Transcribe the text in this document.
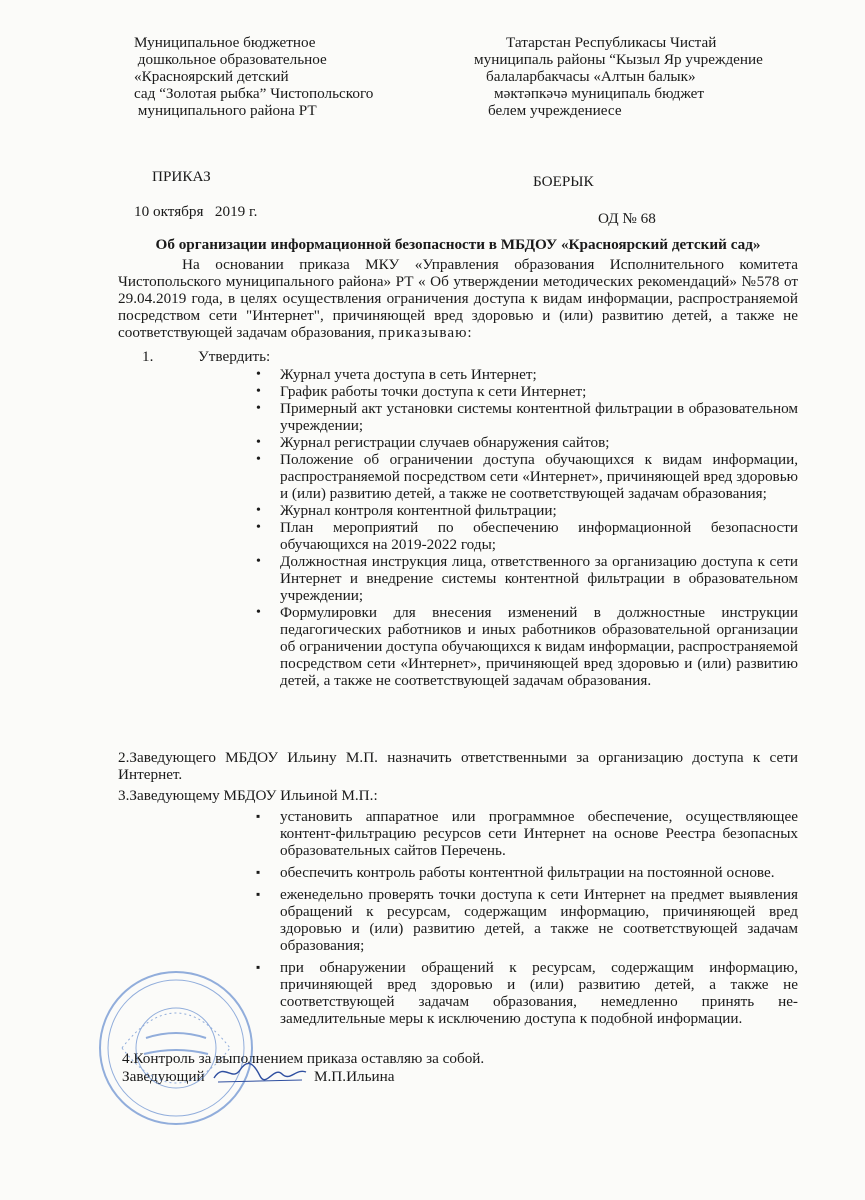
Муниципальное бюджетное
дошкольное образовательное
«Красноярский детский
сад “Золотая рыбка” Чистопольского
муниципального района РТ
Татарстан Республикасы Чистай
муниципаль районы “Кызыл Яр учреждение
балаларбакчасы «Алтын балык»
мәктәпкәчә муниципаль бюджет
белем учреждениесе
ПРИКАЗ	БОЕРЫК
10 октября   2019 г.	ОД № 68
Об организации информационной безопасности в МБДОУ «Красноярский детский сад»
На основании приказа МКУ «Управления образования Исполнительного комитета Чистопольского муниципального района» РТ « Об утверждении методических рекомендаций» №578 от 29.04.2019 года, в целях осуществления ограничения доступа к видам информации, распространяемой посредством сети "Интернет", причиняющей вред здоровью и (или) развитию детей, а также не соответствующей задачам образования, приказываю:
1.	Утвердить:
• Журнал учета доступа в сеть Интернет;
• График работы точки доступа к сети Интернет;
• Примерный акт установки системы контентной фильтрации в образовательном учреждении;
• Журнал регистрации случаев обнаружения сайтов;
• Положение об ограничении доступа обучающихся к видам информации, распространяемой посредством сети «Интернет», причиняющей вред здоровью и (или) развитию детей, а также не соответствующей задачам образования;
• Журнал контроля контентной фильтрации;
• План мероприятий по обеспечению информационной безопасности обучающихся на 2019-2022 годы;
• Должностная инструкция лица, ответственного за организацию доступа к сети Интернет и внедрение системы контентной фильтрации в образовательном учреждении;
• Формулировки для внесения изменений в должностные инструкции педагогических работников и иных работников образовательной организации об ограничении доступа обучающихся к видам информации, распространяемой посредством сети «Интернет», причиняющей вред здоровью и (или) развитию детей, а также не соответствующей задачам образования.
2.Заведующего МБДОУ Ильину М.П. назначить ответственными за организацию доступа к сети Интернет.
3.Заведующему МБДОУ Ильиной М.П.:
▪ установить аппаратное или программное обеспечение, осуществляющее контент-фильтрацию ресурсов сети Интернет на основе Реестра безопасных образовательных сайтов Перечень.
▪ обеспечить контроль работы контентной фильтрации на постоянной основе.
▪ еженедельно проверять точки доступа к сети Интернет на предмет выявления обращений к ресурсам, содержащим информацию, причиняющей вред здоровью и (или) развитию детей, а также не соответствующей задачам образования;
▪ при обнаружении обращений к ресурсам, содержащим информацию, причиняющей вред здоровью и (или) развитию детей, а также не соответствующей задачам образования, немедленно принять не-замедлительные меры к исключению доступа к подобной информации.
4.Контроль за выполнением приказа оставляю за собой.
Заведующий	М.П.Ильина
